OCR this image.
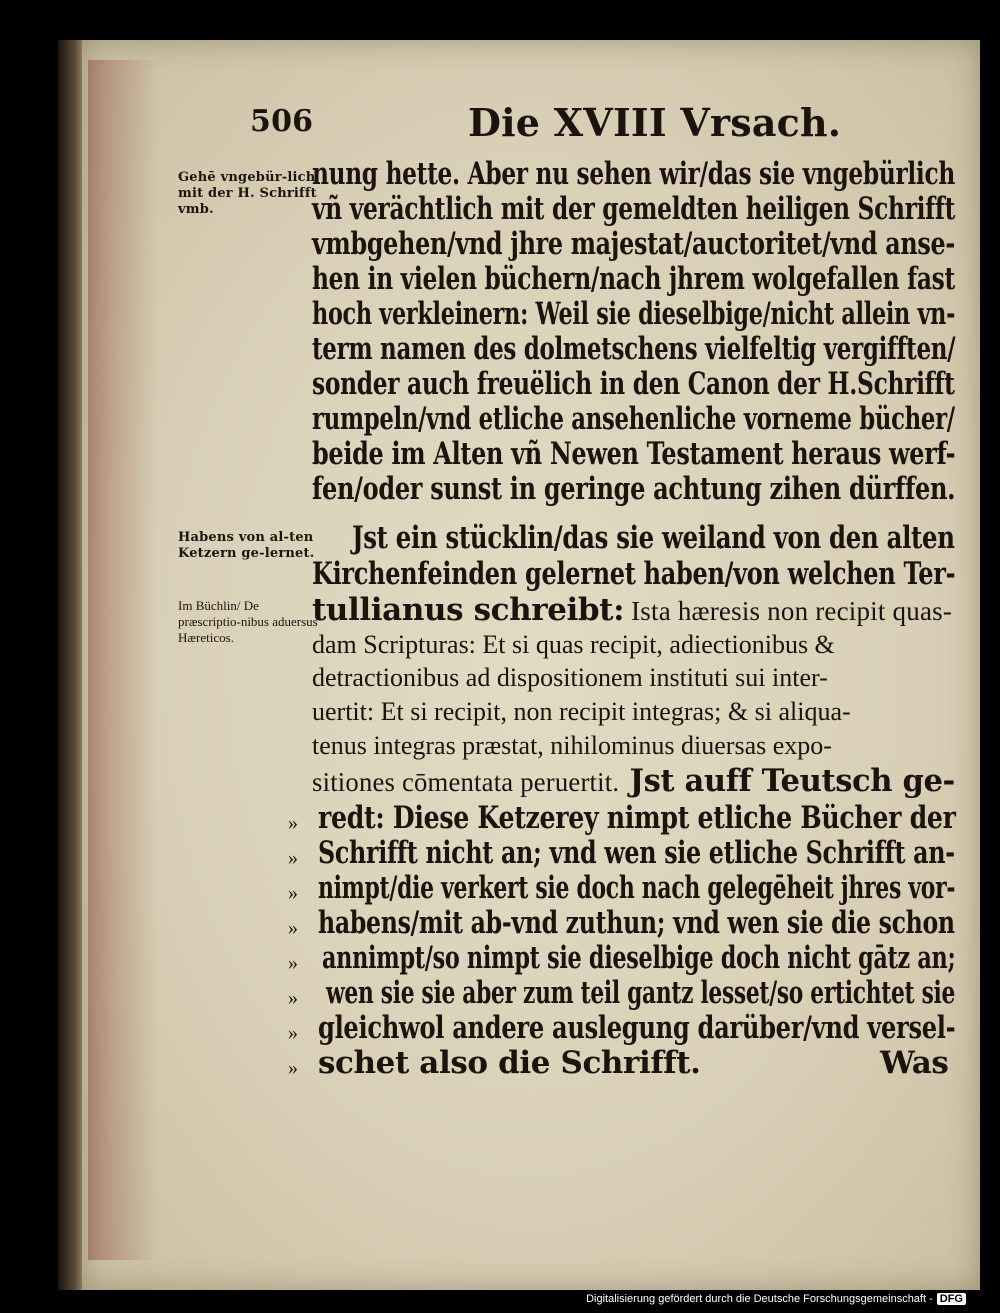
506	Die XVIII Vrsach.
Gehē vngebür-lich mit der H. Schrifft vmb.
Habens von al-ten Ketzern ge-lernet.
Im Büchlin/ De præscriptio-nibus aduersus Hæreticos.
nung hette. Aber nu sehen wir/das sie vngebürlich
vñ verächtlich mit der gemeldten heiligen Schrifft
vmbgehen/vnd jhre majestat/auctoritet/vnd anse-
hen in vielen büchern/nach jhrem wolgefallen fast
hoch verkleinern: Weil sie dieselbige/nicht allein vn-
term namen des dolmetschens vielfeltig vergifften/
sonder auch freuëlich in den Canon der H.Schrifft
rumpeln/vnd etliche ansehenliche vorneme bücher/
beide im Alten vñ Newen Testament heraus werf-
fen/oder sunst in geringe achtung zihen dürffen.
Jst ein stücklin/das sie weiland von den alten
Kirchenfeinden gelernet haben/von welchen Ter-
tullianus schreibt: Ista hæresis non recipit quas-
dam Scripturas: Et si quas recipit, adiectionibus &
detractionibus ad dispositionem instituti sui inter-
uertit: Et si recipit, non recipit integras; & si aliqua-
tenus integras præstat, nihilominus diuersas expo-
sitiones cōmentata peruertit. Jst auff Teutsch ge-
» redt: Diese Ketzerey nimpt etliche Bücher der
» Schrifft nicht an; vnd wen sie etliche Schrifft an-
» nimpt/die verkert sie doch nach gelegēheit jhres vor-
» habens/mit ab-vnd zuthun; vnd wen sie die schon
» annimpt/so nimpt sie dieselbige doch nicht gātz an;
» wen sie sie aber zum teil gantz lesset/so ertichtet sie
» gleichwol andere auslegung darüber/vnd versel-
» schet also die Schrifft.	Was
Digitalisierung gefördert durch die Deutsche Forschungsgemeinschaft - DFG
